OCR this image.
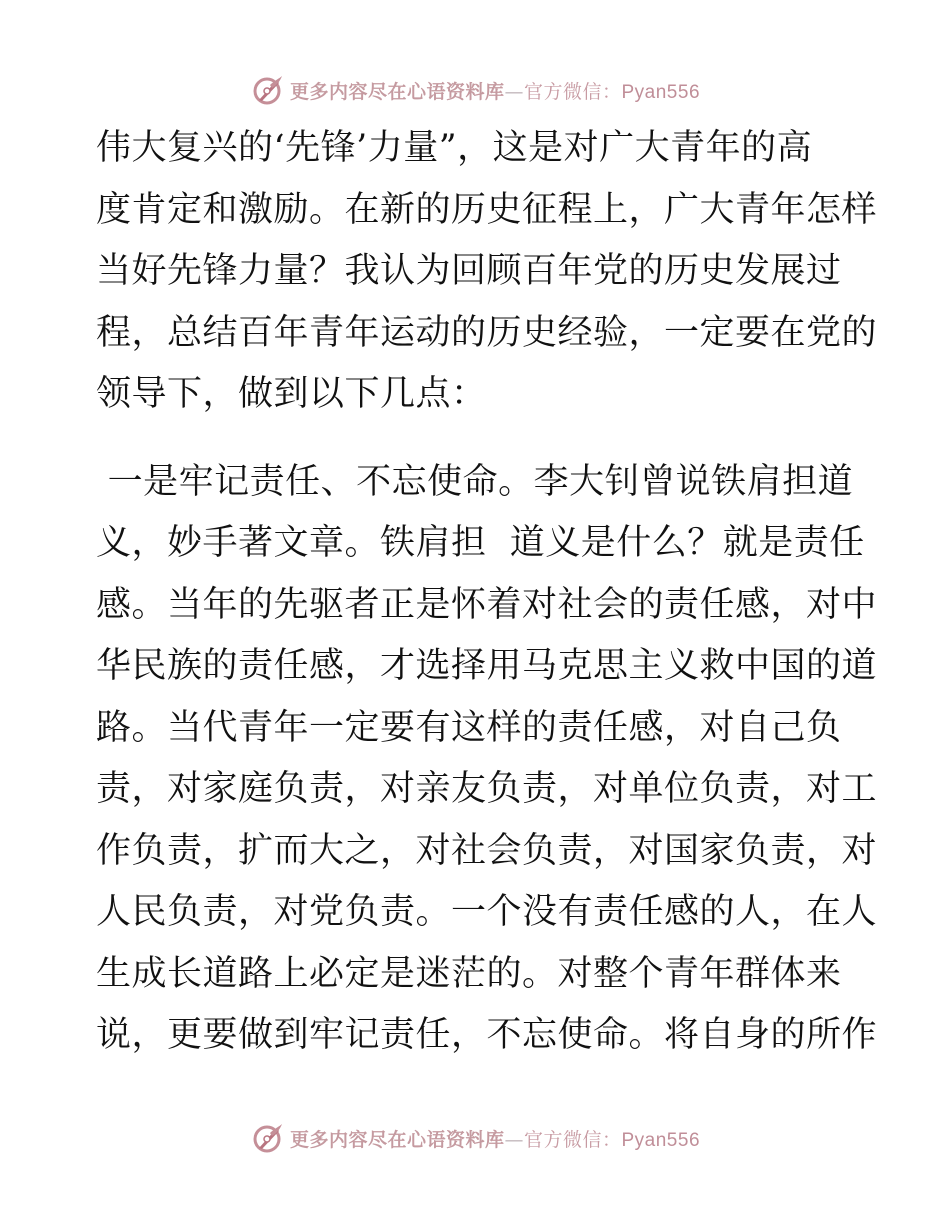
更多内容尽在心语资料库—官方微信：Pyan556

伟大复兴的‘先锋’力量”，这是对广大青年的高
度肯定和激励。在新的历史征程上，广大青年怎样
当好先锋力量？我认为回顾百年党的历史发展过
程，总结百年青年运动的历史经验，一定要在党的
领导下，做到以下几点：

一是牢记责任、不忘使命。李大钊曾说铁肩担道
义，妙手著文章。铁肩担  道义是什么？就是责任
感。当年的先驱者正是怀着对社会的责任感，对中
华民族的责任感，才选择用马克思主义救中国的道
路。当代青年一定要有这样的责任感，对自己负
责，对家庭负责，对亲友负责，对单位负责，对工
作负责，扩而大之，对社会负责，对国家负责，对
人民负责，对党负责。一个没有责任感的人，在人
生成长道路上必定是迷茫的。对整个青年群体来
说，更要做到牢记责任，不忘使命。将自身的所作

更多内容尽在心语资料库—官方微信：Pyan556
